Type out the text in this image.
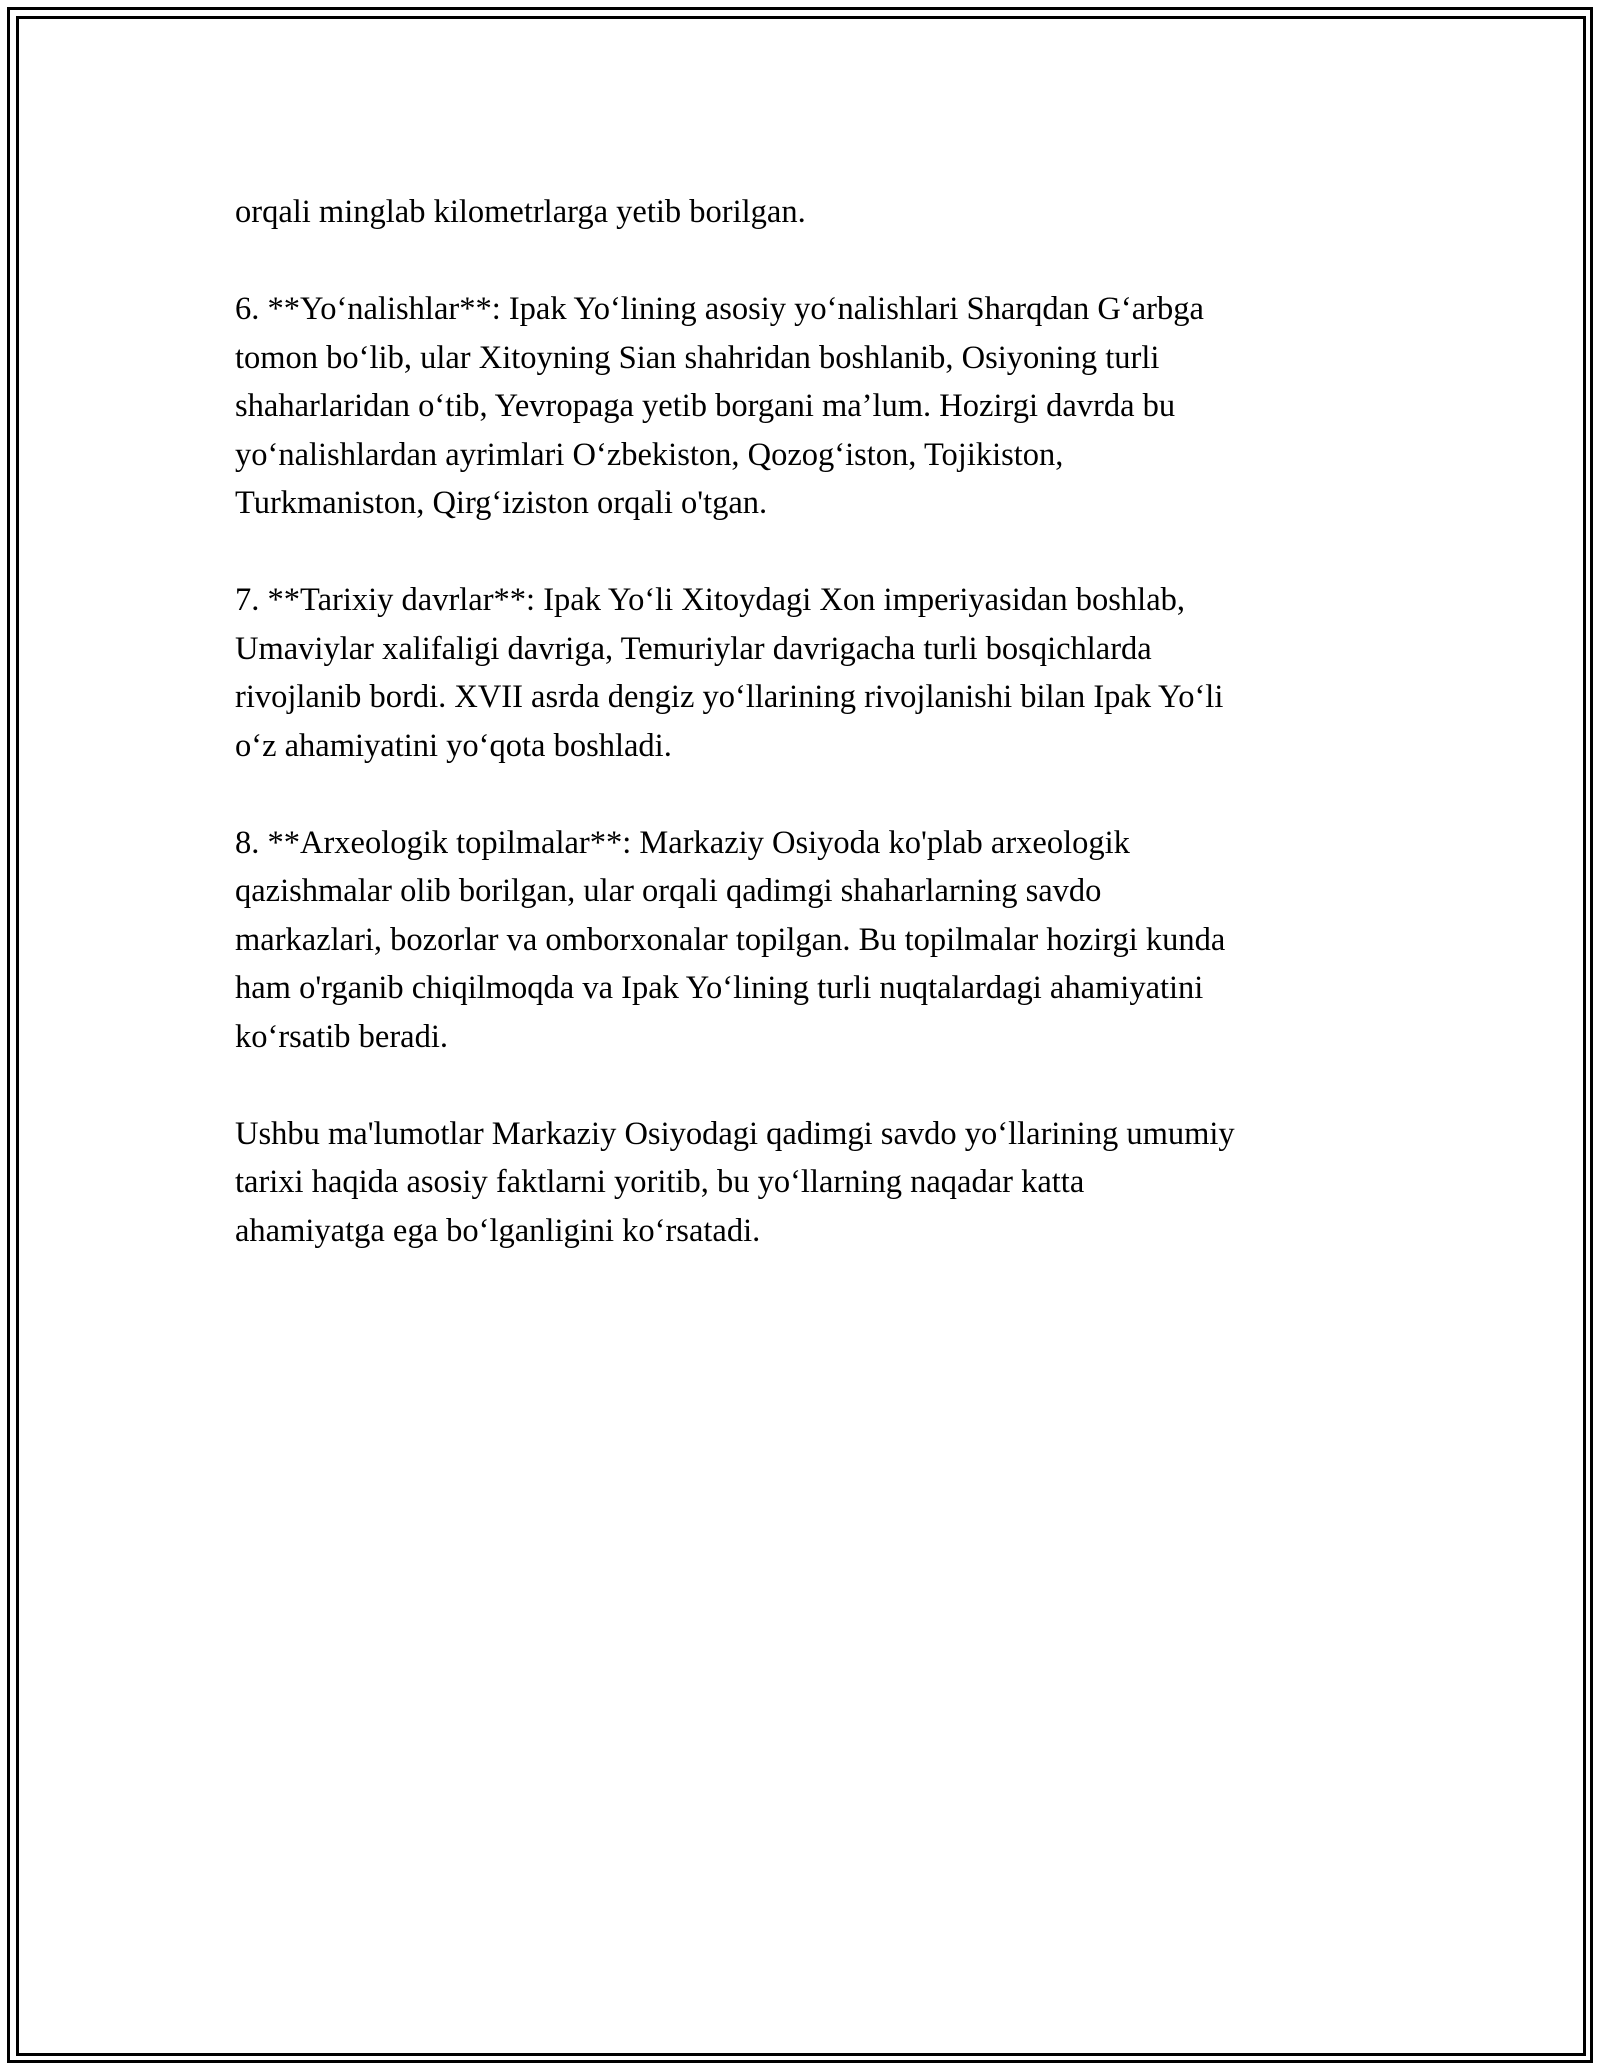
orqali minglab kilometrlarga yetib borilgan.

6. **Yo‘nalishlar**: Ipak Yo‘lining asosiy yo‘nalishlari Sharqdan G‘arbga
tomon bo‘lib, ular Xitoyning Sian shahridan boshlanib, Osiyoning turli
shaharlaridan o‘tib, Yevropaga yetib borgani ma’lum. Hozirgi davrda bu
yo‘nalishlardan ayrimlari O‘zbekiston, Qozog‘iston, Tojikiston,
Turkmaniston, Qirg‘iziston orqali o'tgan.

7. **Tarixiy davrlar**: Ipak Yo‘li Xitoydagi Xon imperiyasidan boshlab,
Umaviylar xalifaligi davriga, Temuriylar davrigacha turli bosqichlarda
rivojlanib bordi. XVII asrda dengiz yo‘llarining rivojlanishi bilan Ipak Yo‘li
o‘z ahamiyatini yo‘qota boshladi.

8. **Arxeologik topilmalar**: Markaziy Osiyoda ko'plab arxeologik
qazishmalar olib borilgan, ular orqali qadimgi shaharlarning savdo
markazlari, bozorlar va omborxonalar topilgan. Bu topilmalar hozirgi kunda
ham o'rganib chiqilmoqda va Ipak Yo‘lining turli nuqtalardagi ahamiyatini
ko‘rsatib beradi.

Ushbu ma'lumotlar Markaziy Osiyodagi qadimgi savdo yo‘llarining umumiy
tarixi haqida asosiy faktlarni yoritib, bu yo‘llarning naqadar katta
ahamiyatga ega bo‘lganligini ko‘rsatadi.
